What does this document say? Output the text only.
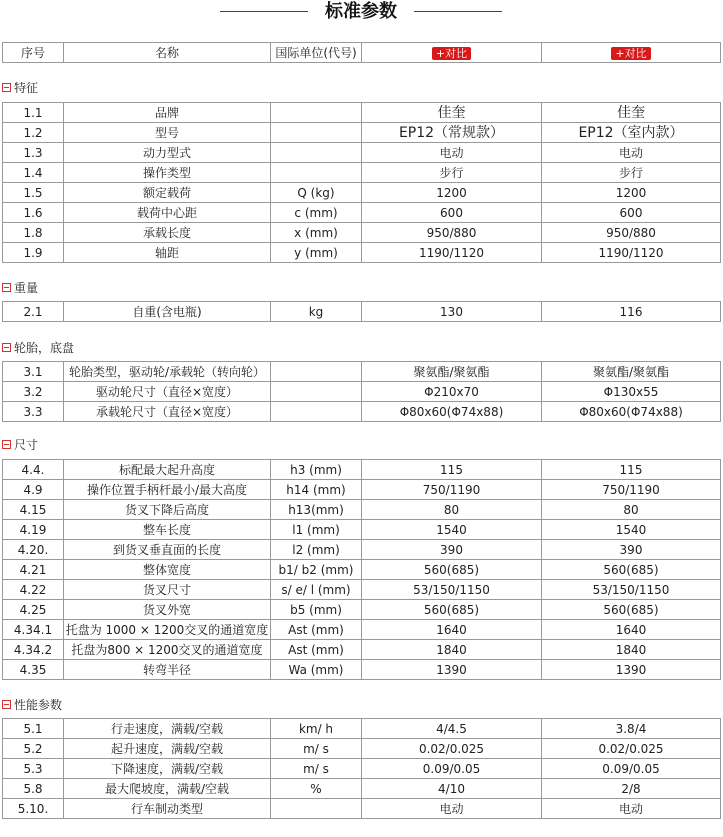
标准参数
序号	名称	国际单位(代号)	+对比	+对比
特征
1.1	品牌		佳奎	佳奎
1.2	型号		EP12（常规款）	EP12（室内款）
1.3	动力型式		电动	电动
1.4	操作类型		步行	步行
1.5	额定载荷	Q (kg)	1200	1200
1.6	载荷中心距	c (mm)	600	600
1.8	承载长度	x (mm)	950/880	950/880
1.9	轴距	y (mm)	1190/1120	1190/1120
重量
2.1	自重(含电瓶)	kg	130	116
轮胎，底盘
3.1	轮胎类型，驱动轮/承载轮（转向轮）		聚氨酯/聚氨酯	聚氨酯/聚氨酯
3.2	驱动轮尺寸（直径×宽度）		Φ210x70	Φ130x55
3.3	承载轮尺寸（直径×宽度）		Φ80x60(Φ74x88)	Φ80x60(Φ74x88)
尺寸
4.4.	标配最大起升高度	h3 (mm)	115	115
4.9	操作位置手柄杆最小/最大高度	h14 (mm)	750/1190	750/1190
4.15	货叉下降后高度	h13(mm)	80	80
4.19	整车长度	l1 (mm)	1540	1540
4.20.	到货叉垂直面的长度	l2 (mm)	390	390
4.21	整体宽度	b1/ b2 (mm)	560(685)	560(685)
4.22	货叉尺寸	s/ e/ l (mm)	53/150/1150	53/150/1150
4.25	货叉外宽	b5 (mm)	560(685)	560(685)
4.34.1	托盘为 1000 × 1200交叉的通道宽度	Ast (mm)	1640	1640
4.34.2	托盘为800 × 1200交叉的通道宽度	Ast (mm)	1840	1840
4.35	转弯半径	Wa (mm)	1390	1390
性能参数
5.1	行走速度，满载/空载	km/ h	4/4.5	3.8/4
5.2	起升速度，满载/空载	m/ s	0.02/0.025	0.02/0.025
5.3	下降速度，满载/空载	m/ s	0.09/0.05	0.09/0.05
5.8	最大爬坡度，满载/空载	%	4/10	2/8
5.10.	行车制动类型		电动	电动
